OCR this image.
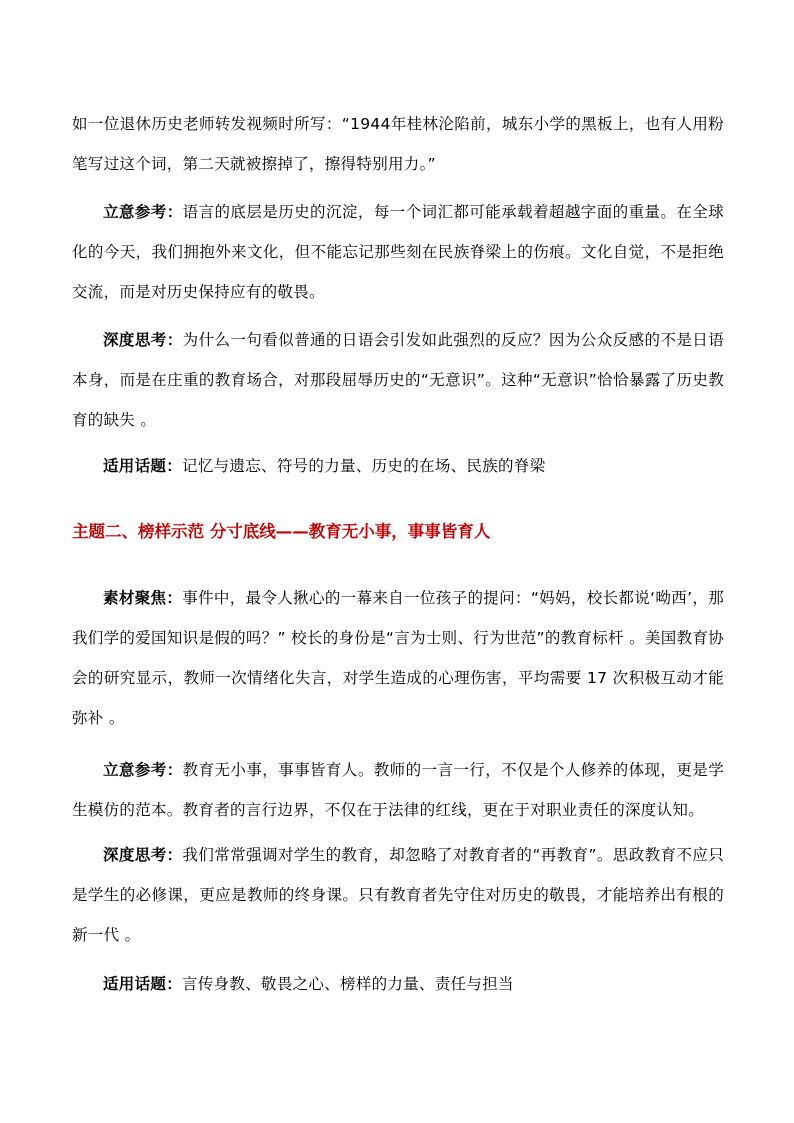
如一位退休历史老师转发视频时所写：“1944年桂林沦陷前，城东小学的黑板上，也有人用粉笔写过这个词，第二天就被擦掉了，擦得特别用力。”

立意参考：语言的底层是历史的沉淀，每一个词汇都可能承载着超越字面的重量。在全球化的今天，我们拥抱外来文化，但不能忘记那些刻在民族脊梁上的伤痕。文化自觉，不是拒绝交流，而是对历史保持应有的敬畏。

深度思考：为什么一句看似普通的日语会引发如此强烈的反应？因为公众反感的不是日语本身，而是在庄重的教育场合，对那段屈辱历史的“无意识”。这种“无意识”恰恰暴露了历史教育的缺失 。

适用话题：记忆与遗忘、符号的力量、历史的在场、民族的脊梁

主题二、榜样示范 分寸底线——教育无小事，事事皆育人

素材聚焦：事件中，最令人揪心的一幕来自一位孩子的提问：“妈妈，校长都说‘呦西’，那我们学的爱国知识是假的吗？” 校长的身份是“言为士则、行为世范”的教育标杆 。美国教育协会的研究显示，教师一次情绪化失言，对学生造成的心理伤害，平均需要 17 次积极互动才能弥补 。

立意参考：教育无小事，事事皆育人。教师的一言一行，不仅是个人修养的体现，更是学生模仿的范本。教育者的言行边界，不仅在于法律的红线，更在于对职业责任的深度认知。

深度思考：我们常常强调对学生的教育，却忽略了对教育者的“再教育”。思政教育不应只是学生的必修课，更应是教师的终身课。只有教育者先守住对历史的敬畏，才能培养出有根的新一代 。

适用话题：言传身教、敬畏之心、榜样的力量、责任与担当
